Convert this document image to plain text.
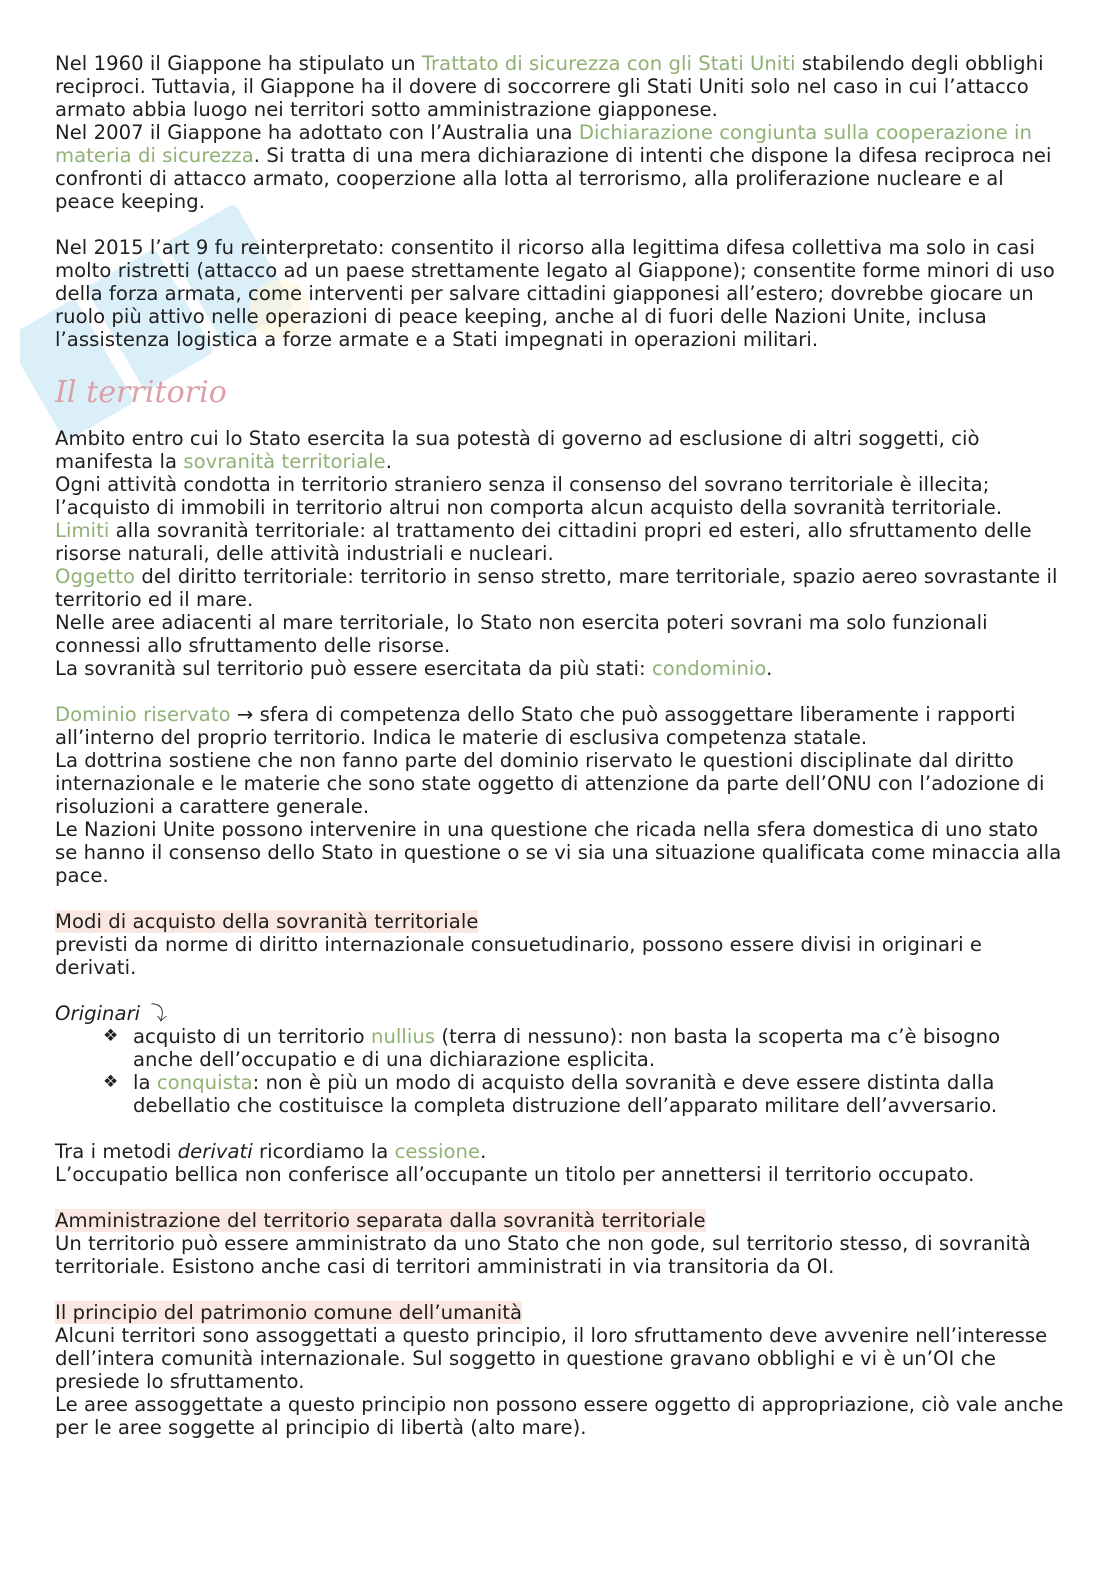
Nel 1960 il Giappone ha stipulato un Trattato di sicurezza con gli Stati Uniti stabilendo degli obblighi reciproci. Tuttavia, il Giappone ha il dovere di soccorrere gli Stati Uniti solo nel caso in cui l’attacco armato abbia luogo nei territori sotto amministrazione giapponese.

Nel 2007 il Giappone ha adottato con l’Australia una Dichiarazione congiunta sulla cooperazione in materia di sicurezza. Si tratta di una mera dichiarazione di intenti che dispone la difesa reciproca nei confronti di attacco armato, cooperzione alla lotta al terrorismo, alla proliferazione nucleare e al peace keeping.

Nel 2015 l’art 9 fu reinterpretato: consentito il ricorso alla legittima difesa collettiva ma solo in casi molto ristretti (attacco ad un paese strettamente legato al Giappone); consentite forme minori di uso della forza armata, come interventi per salvare cittadini giapponesi all’estero; dovrebbe giocare un ruolo più attivo nelle operazioni di peace keeping, anche al di fuori delle Nazioni Unite, inclusa l’assistenza logistica a forze armate e a Stati impegnati in operazioni militari.

Il territorio

Ambito entro cui lo Stato esercita la sua potestà di governo ad esclusione di altri soggetti, ciò manifesta la sovranità territoriale.

Ogni attività condotta in territorio straniero senza il consenso del sovrano territoriale è illecita; l’acquisto di immobili in territorio altrui non comporta alcun acquisto della sovranità territoriale.

Limiti alla sovranità territoriale: al trattamento dei cittadini propri ed esteri, allo sfruttamento delle risorse naturali, delle attività industriali e nucleari.

Oggetto del diritto territoriale: territorio in senso stretto, mare territoriale, spazio aereo sovrastante il territorio ed il mare.

Nelle aree adiacenti al mare territoriale, lo Stato non esercita poteri sovrani ma solo funzionali connessi allo sfruttamento delle risorse.

La sovranità sul territorio può essere esercitata da più stati: condominio.

Dominio riservato → sfera di competenza dello Stato che può assoggettare liberamente i rapporti all’interno del proprio territorio. Indica le materie di esclusiva competenza statale.

La dottrina sostiene che non fanno parte del dominio riservato le questioni disciplinate dal diritto internazionale e le materie che sono state oggetto di attenzione da parte dell’ONU con l’adozione di risoluzioni a carattere generale.

Le Nazioni Unite possono intervenire in una questione che ricada nella sfera domestica di uno stato se hanno il consenso dello Stato in questione o se vi sia una situazione qualificata come minaccia alla pace.

Modi di acquisto della sovranità territoriale

previsti da norme di diritto internazionale consuetudinario, possono essere divisi in originari e derivati.

Originari ⤵

❖ acquisto di un territorio nullius (terra di nessuno): non basta la scoperta ma c’è bisogno anche dell’occupatio e di una dichiarazione esplicita.
❖ la conquista: non è più un modo di acquisto della sovranità e deve essere distinta dalla debellatio che costituisce la completa distruzione dell’apparato militare dell’avversario.

Tra i metodi derivati ricordiamo la cessione.

L’occupatio bellica non conferisce all’occupante un titolo per annettersi il territorio occupato.

Amministrazione del territorio separata dalla sovranità territoriale

Un territorio può essere amministrato da uno Stato che non gode, sul territorio stesso, di sovranità territoriale. Esistono anche casi di territori amministrati in via transitoria da OI.

Il principio del patrimonio comune dell’umanità

Alcuni territori sono assoggettati a questo principio, il loro sfruttamento deve avvenire nell’interesse dell’intera comunità internazionale. Sul soggetto in questione gravano obblighi e vi è un’OI che presiede lo sfruttamento.

Le aree assoggettate a questo principio non possono essere oggetto di appropriazione, ciò vale anche per le aree soggette al principio di libertà (alto mare).
